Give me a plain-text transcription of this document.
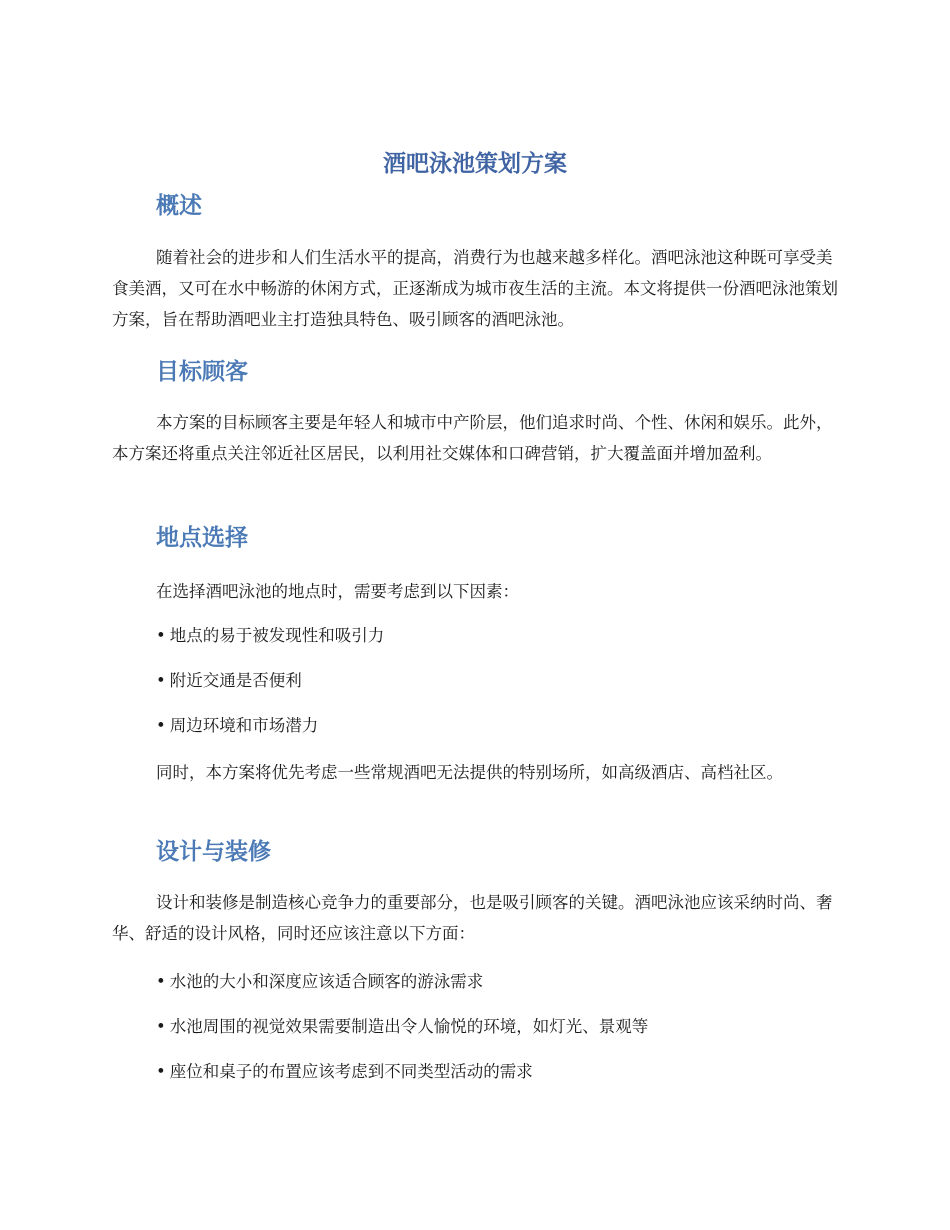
酒吧泳池策划方案
概述

随着社会的进步和人们生活水平的提高，消费行为也越来越多样化。酒吧泳池这种既可享受美食美酒，又可在水中畅游的休闲方式，正逐渐成为城市夜生活的主流。本文将提供一份酒吧泳池策划方案，旨在帮助酒吧业主打造独具特色、吸引顾客的酒吧泳池。

目标顾客

本方案的目标顾客主要是年轻人和城市中产阶层，他们追求时尚、个性、休闲和娱乐。此外，本方案还将重点关注邻近社区居民，以利用社交媒体和口碑营销，扩大覆盖面并增加盈利。

地点选择

在选择酒吧泳池的地点时，需要考虑到以下因素：

• 地点的易于被发现性和吸引力

• 附近交通是否便利

• 周边环境和市场潜力

同时，本方案将优先考虑一些常规酒吧无法提供的特别场所，如高级酒店、高档社区。

设计与装修

设计和装修是制造核心竞争力的重要部分，也是吸引顾客的关键。酒吧泳池应该采纳时尚、奢华、舒适的设计风格，同时还应该注意以下方面：

• 水池的大小和深度应该适合顾客的游泳需求

• 水池周围的视觉效果需要制造出令人愉悦的环境，如灯光、景观等

• 座位和桌子的布置应该考虑到不同类型活动的需求
